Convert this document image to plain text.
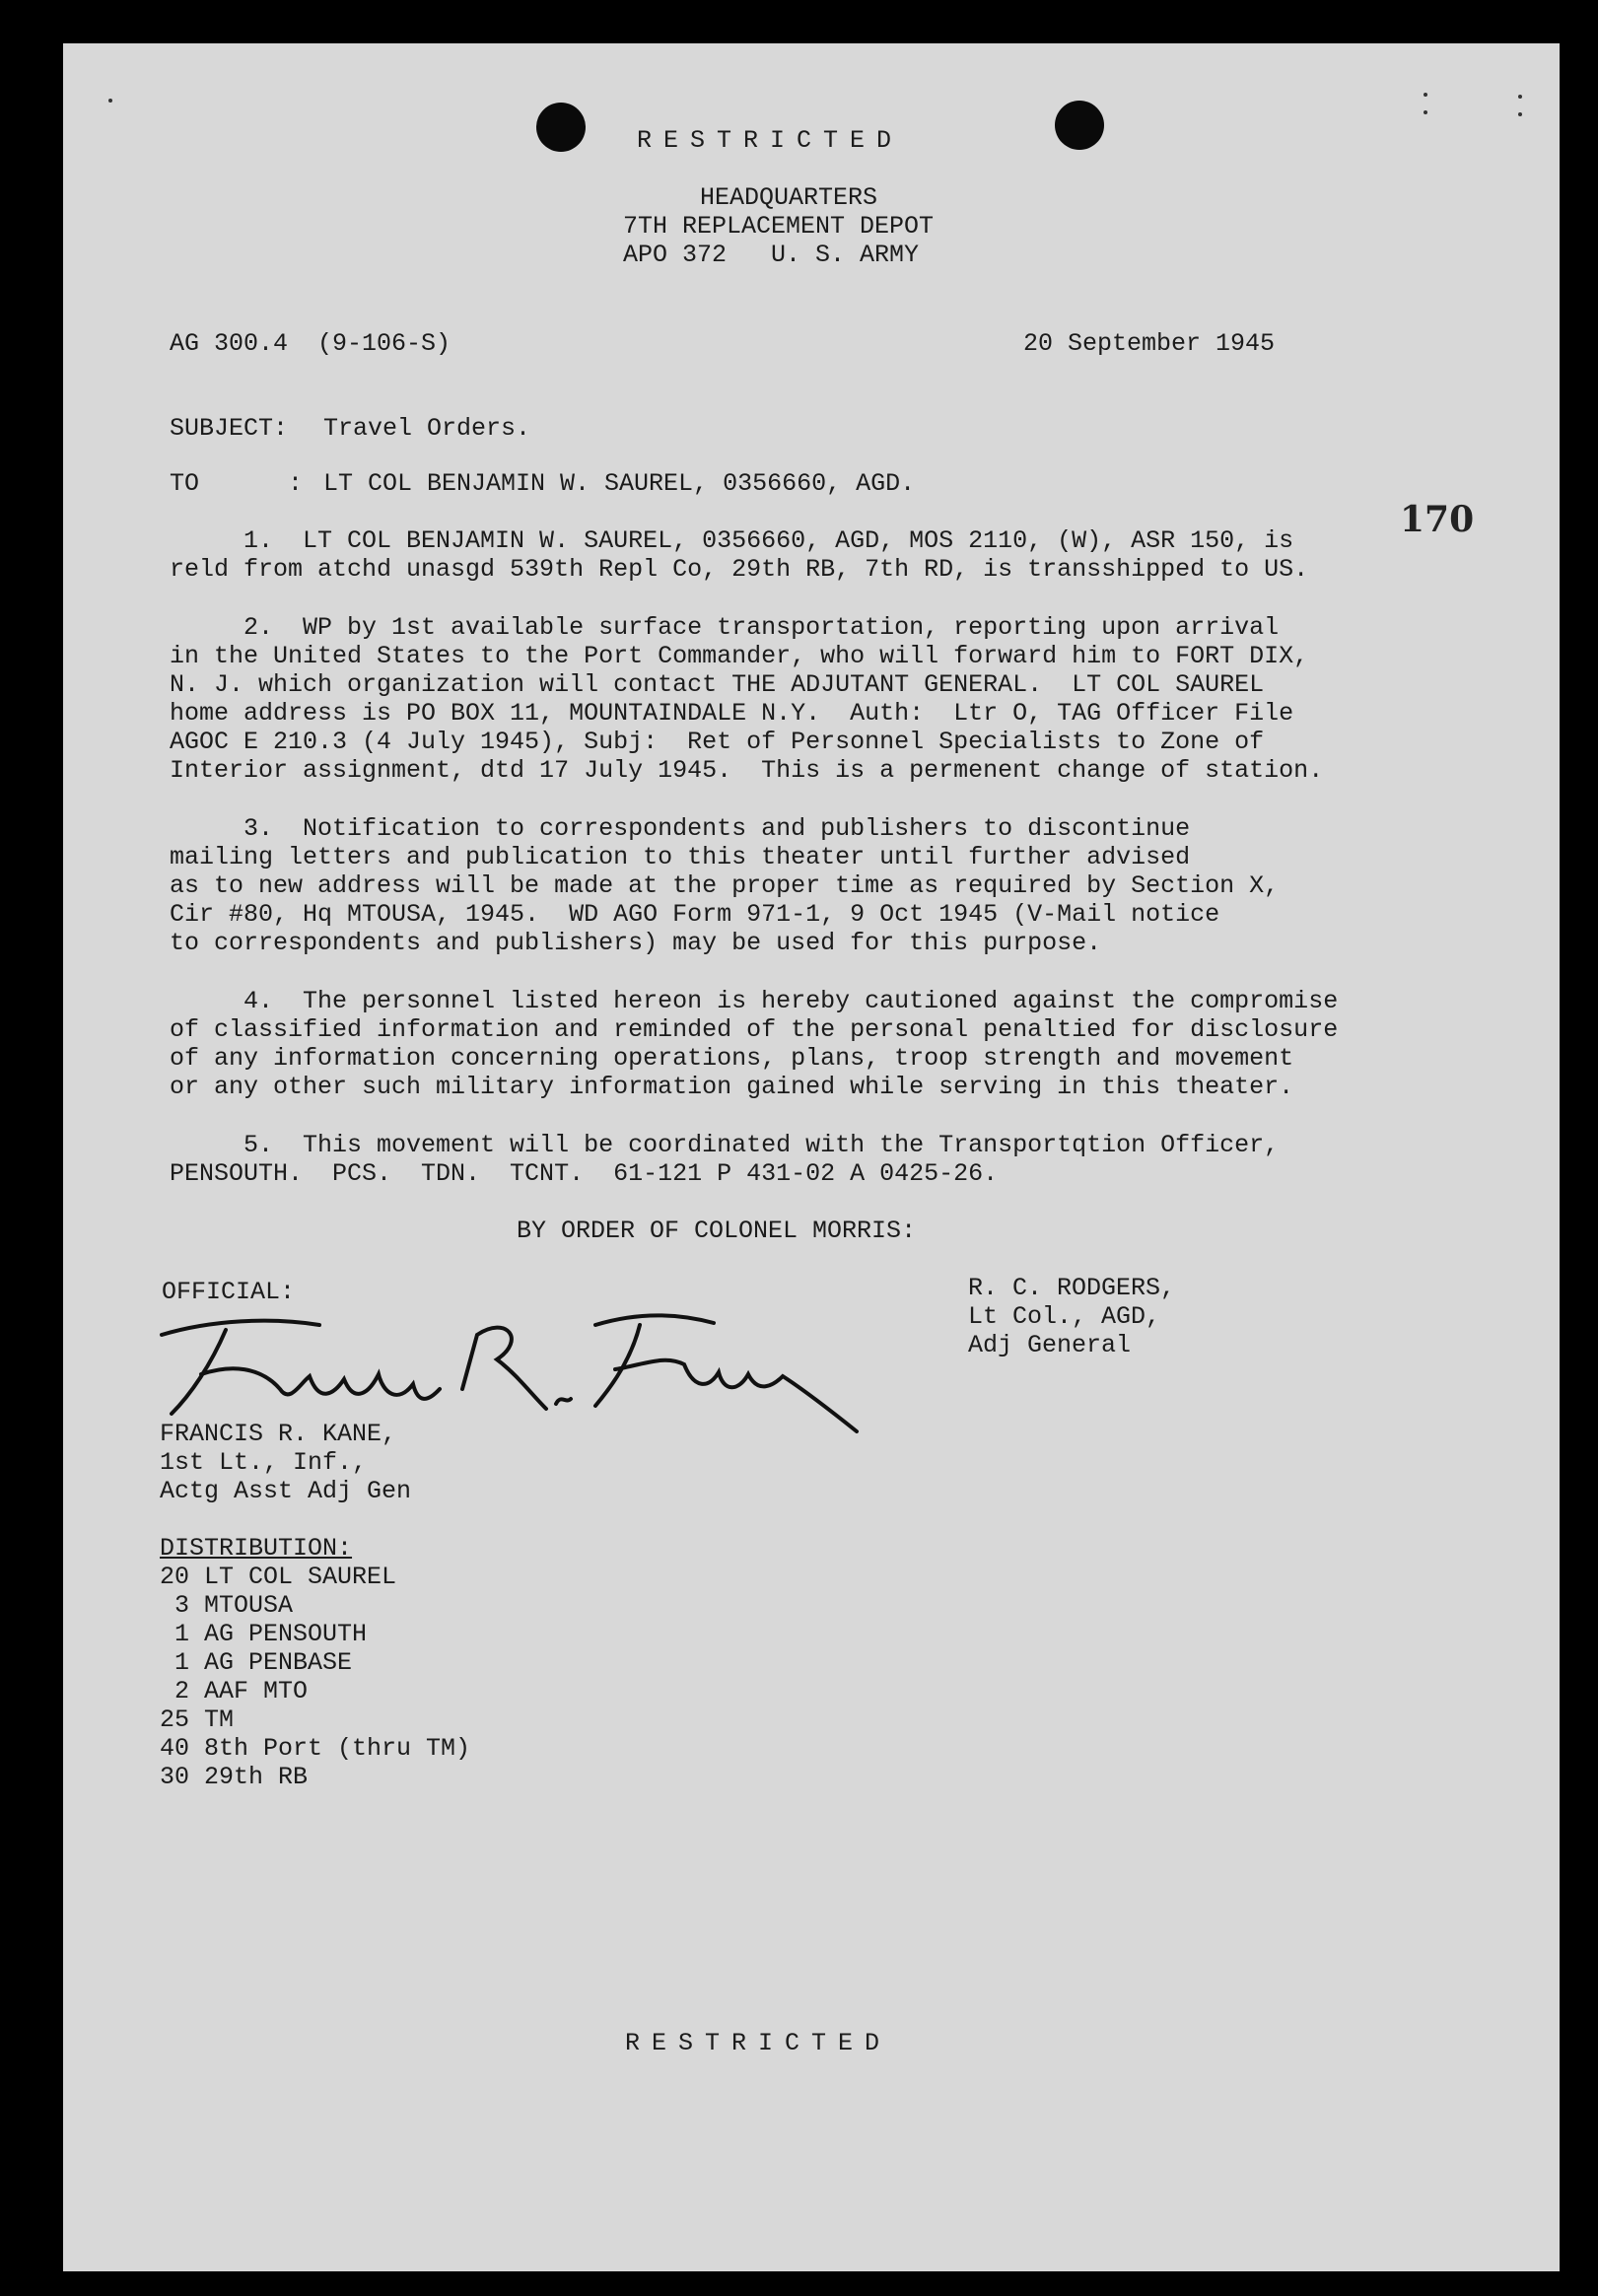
RESTRICTED
HEADQUARTERS
7TH REPLACEMENT DEPOT
APO 372   U. S. ARMY
AG 300.4  (9-106-S)	20 September 1945
SUBJECT: Travel Orders.
TO      : LT COL BENJAMIN W. SAUREL, 0356660, AGD.
170
1.  LT COL BENJAMIN W. SAUREL, 0356660, AGD, MOS 2110, (W), ASR 150, is
reld from atchd unasgd 539th Repl Co, 29th RB, 7th RD, is transshipped to US.
2.  WP by 1st available surface transportation, reporting upon arrival
in the United States to the Port Commander, who will forward him to FORT DIX,
N. J. which organization will contact THE ADJUTANT GENERAL.  LT COL SAUREL
home address is PO BOX 11, MOUNTAINDALE N.Y.  Auth:  Ltr O, TAG Officer File
AGOC E 210.3 (4 July 1945), Subj:  Ret of Personnel Specialists to Zone of
Interior assignment, dtd 17 July 1945.  This is a permenent change of station.
3.  Notification to correspondents and publishers to discontinue
mailing letters and publication to this theater until further advised
as to new address will be made at the proper time as required by Section X,
Cir #80, Hq MTOUSA, 1945.  WD AGO Form 971-1, 9 Oct 1945 (V-Mail notice
to correspondents and publishers) may be used for this purpose.
4.  The personnel listed hereon is hereby cautioned against the compromise
of classified information and reminded of the personal penaltied for disclosure
of any information concerning operations, plans, troop strength and movement
or any other such military information gained while serving in this theater.
5.  This movement will be coordinated with the Transportqtion Officer,
PENSOUTH.  PCS.  TDN.  TCNT.  61-121 P 431-02 A 0425-26.
BY ORDER OF COLONEL MORRIS:
OFFICIAL:	R. C. RODGERS,
Lt Col., AGD,
Adj General
FRANCIS R. KANE,
1st Lt., Inf.,
Actg Asst Adj Gen
DISTRIBUTION:
20 LT COL SAUREL
3 MTOUSA
1 AG PENSOUTH
1 AG PENBASE
2 AAF MTO
25 TM
40 8th Port (thru TM)
30 29th RB
RESTRICTED
